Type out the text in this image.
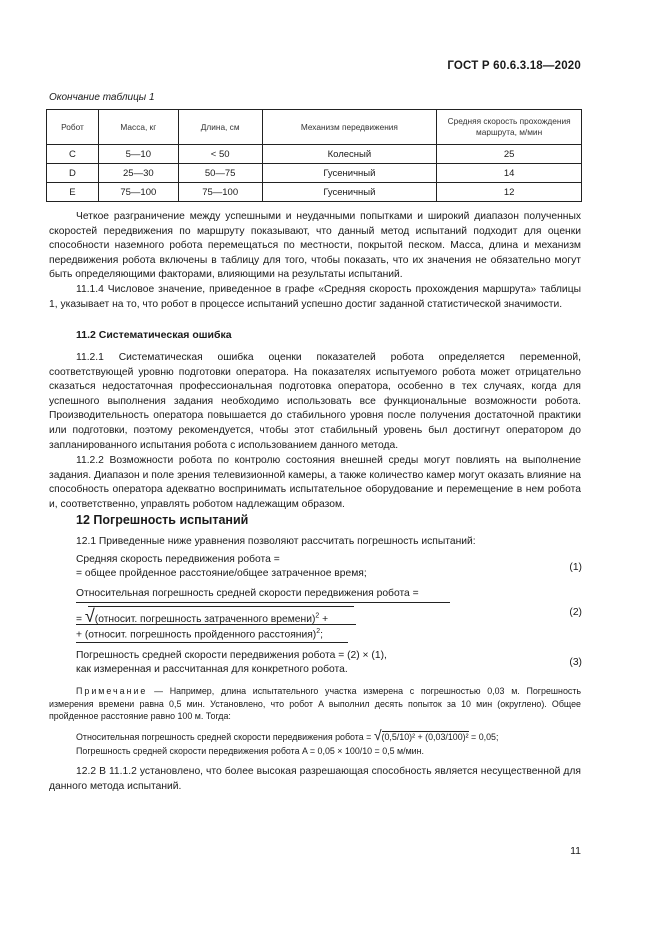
ГОСТ Р 60.6.3.18—2020
Окончание таблицы 1
Робот	Масса, кг	Длина, см	Механизм передвижения	Средняя скорость прохождения маршрута, м/мин
C	5—10	< 50	Колесный	25
D	25—30	50—75	Гусеничный	14
E	75—100	75—100	Гусеничный	12
Четкое разграничение между успешными и неудачными попытками и широкий диапазон полученных скоростей передвижения по маршруту показывают, что данный метод испытаний подходит для оценки способности наземного робота перемещаться по местности, покрытой песком. Масса, длина и механизм передвижения робота включены в таблицу для того, чтобы показать, что их значения не обязательно могут быть определяющими факторами, влияющими на результаты испытаний.
11.1.4 Числовое значение, приведенное в графе «Средняя скорость прохождения маршрута» таблицы 1, указывает на то, что робот в процессе испытаний успешно достиг заданной статистической значимости.
11.2 Систематическая ошибка
11.2.1 Систематическая ошибка оценки показателей робота определяется переменной, соответствующей уровню подготовки оператора. На показателях испытуемого робота может отрицательно сказаться недостаточная профессиональная подготовка оператора, особенно в тех случаях, когда для успешного выполнения задания необходимо использовать все функциональные возможности робота. Производительность оператора повышается до стабильного уровня после получения достаточной практики или подготовки, поэтому рекомендуется, чтобы этот стабильный уровень был достигнут оператором до запланированного испытания робота с использованием данного метода.
11.2.2 Возможности робота по контролю состояния внешней среды могут повлиять на выполнение задания. Диапазон и поле зрения телевизионной камеры, а также количество камер могут оказать влияние на способность оператора адекватно воспринимать испытательное оборудование и перемещение в нем робота и, соответственно, управлять роботом надлежащим образом.
12 Погрешность испытаний
12.1 Приведенные ниже уравнения позволяют рассчитать погрешность испытаний:
Средняя скорость передвижения робота =
= общее пройденное расстояние/общее затраченное время;
(1)
Относительная погрешность средней скорости передвижения робота =
= √(относит. погрешность затраченного времени)$^2$ +
+ (относит. погрешность пройденного расстояния)$^2$;
(2)
Погрешность средней скорости передвижения робота = (2) × (1),
как измеренная и рассчитанная для конкретного робота.
(3)
Примечание — Например, длина испытательного участка измерена с погрешностью 0,03 м. Погрешность измерения времени равна 0,5 мин. Установлено, что робот A выполнил десять попыток за 10 мин (округлено). Общее пройденное расстояние равно 100 м. Тогда:
Относительная погрешность средней скорости передвижения робота = √(0,5/10)² + (0,03/100)² = 0,05;
Погрешность средней скорости передвижения робота A = 0,05 × 100/10 = 0,5 м/мин.
12.2 В 11.1.2 установлено, что более высокая разрешающая способность является несущественной для данного метода испытаний.
11
